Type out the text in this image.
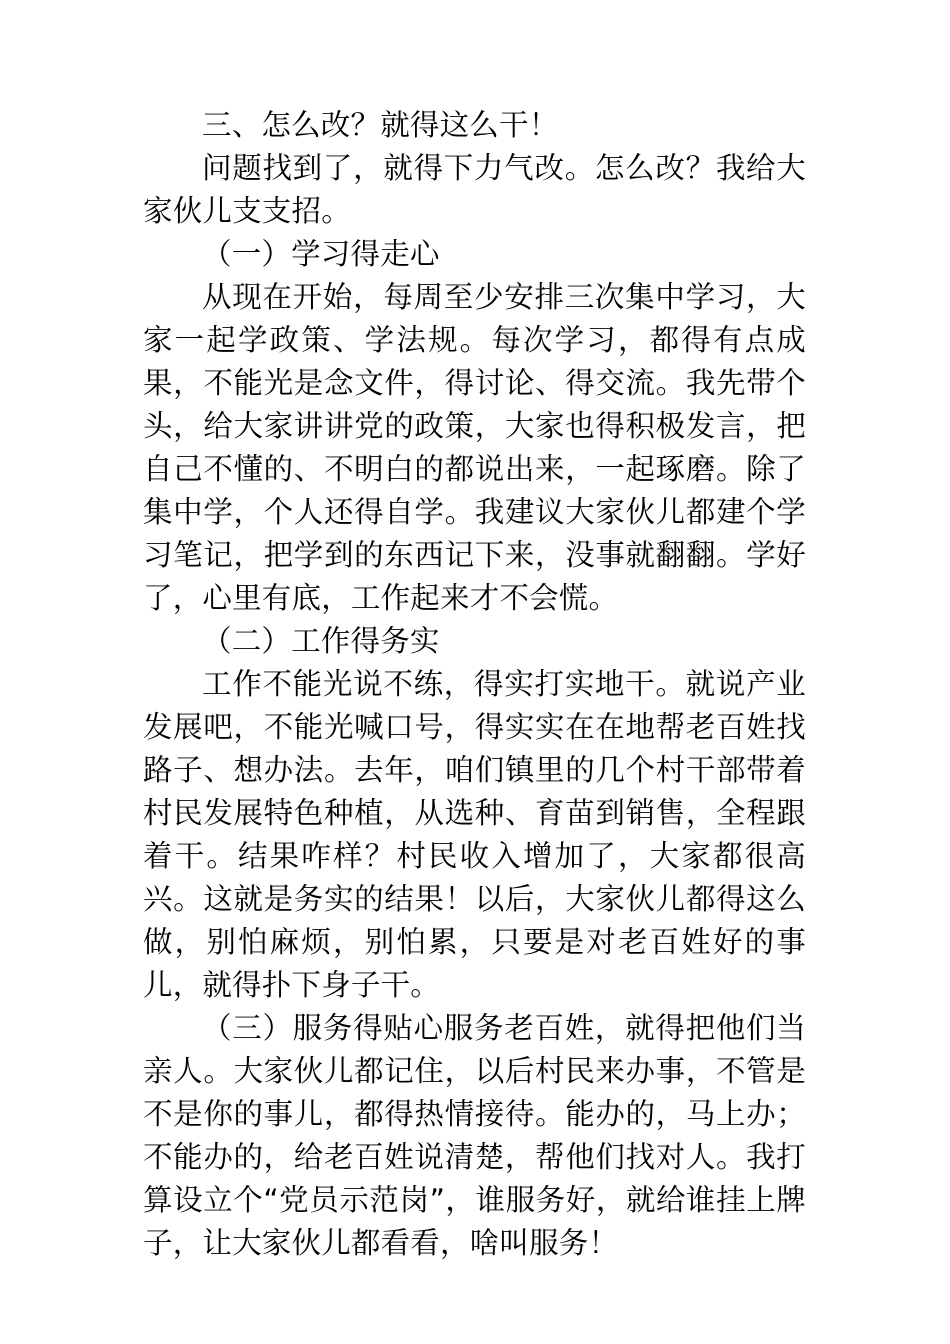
三、怎么改？就得这么干！

问题找到了，就得下力气改。怎么改？我给大家伙儿支支招。

（一）学习得走心

从现在开始，每周至少安排三次集中学习，大家一起学政策、学法规。每次学习，都得有点成果，不能光是念文件，得讨论、得交流。我先带个头，给大家讲讲党的政策，大家也得积极发言，把自己不懂的、不明白的都说出来，一起琢磨。除了集中学，个人还得自学。我建议大家伙儿都建个学习笔记，把学到的东西记下来，没事就翻翻。学好了，心里有底，工作起来才不会慌。

（二）工作得务实

工作不能光说不练，得实打实地干。就说产业发展吧，不能光喊口号，得实实在在地帮老百姓找路子、想办法。去年，咱们镇里的几个村干部带着村民发展特色种植，从选种、育苗到销售，全程跟着干。结果咋样？村民收入增加了，大家都很高兴。这就是务实的结果！以后，大家伙儿都得这么做，别怕麻烦，别怕累，只要是对老百姓好的事儿，就得扑下身子干。

（三）服务得贴心服务老百姓，就得把他们当亲人。大家伙儿都记住，以后村民来办事，不管是不是你的事儿，都得热情接待。能办的，马上办；不能办的，给老百姓说清楚，帮他们找对人。我打算设立个“党员示范岗”，谁服务好，就给谁挂上牌子，让大家伙儿都看看，啥叫服务！
